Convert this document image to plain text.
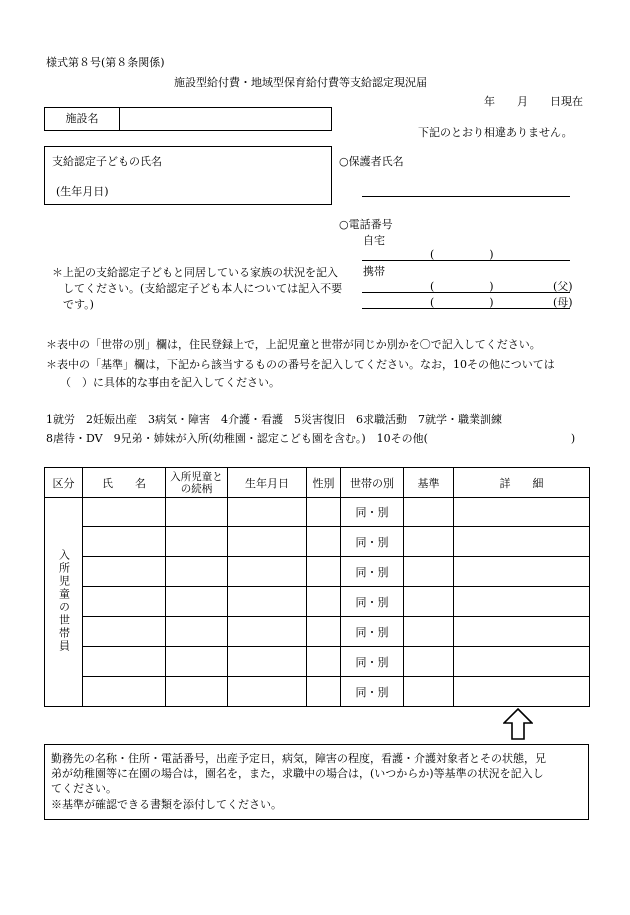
様式第８号(第８条関係)
施設型給付費・地域型保育給付費等支給認定現況届
年　　月　　日現在
施設名
下記のとおり相違ありません。
支給認定子どもの氏名
(生年月日)
○保護者氏名
○電話番号
自宅
(　　　　　)
携帯
(　　　　　)	(父)
(　　　　　)	(母)
＊上記の支給認定子どもと同居している家族の状況を記入してください。(支給認定子ども本人については記入不要です。)
＊表中の「世帯の別」欄は，住民登録上で，上記児童と世帯が同じか別かを〇で記入してください。
＊表中の「基準」欄は，下記から該当するものの番号を記入してください。なお，10その他については
（　）に具体的な事由を記入してください。
1就労　2妊娠出産　3病気・障害　4介護・看護　5災害復旧　6求職活動　7就学・職業訓練
8虐待・DV　9兄弟・姉妹が入所(幼稚園・認定こども園を含む。)　10その他(　　　　　　　　　　　　　)
区分	氏　　名	入所児童との続柄	生年月日	性別	世帯の別	基準	詳　　細
入所児童の世帯員					同・別		
					同・別		
					同・別		
					同・別		
					同・別		
					同・別		
					同・別		
勤務先の名称・住所・電話番号，出産予定日，病気，障害の程度，看護・介護対象者とその状態，兄
弟が幼稚園等に在園の場合は，園名を，また，求職中の場合は，(いつからか)等基準の状況を記入し
てください。
※基準が確認できる書類を添付してください。
